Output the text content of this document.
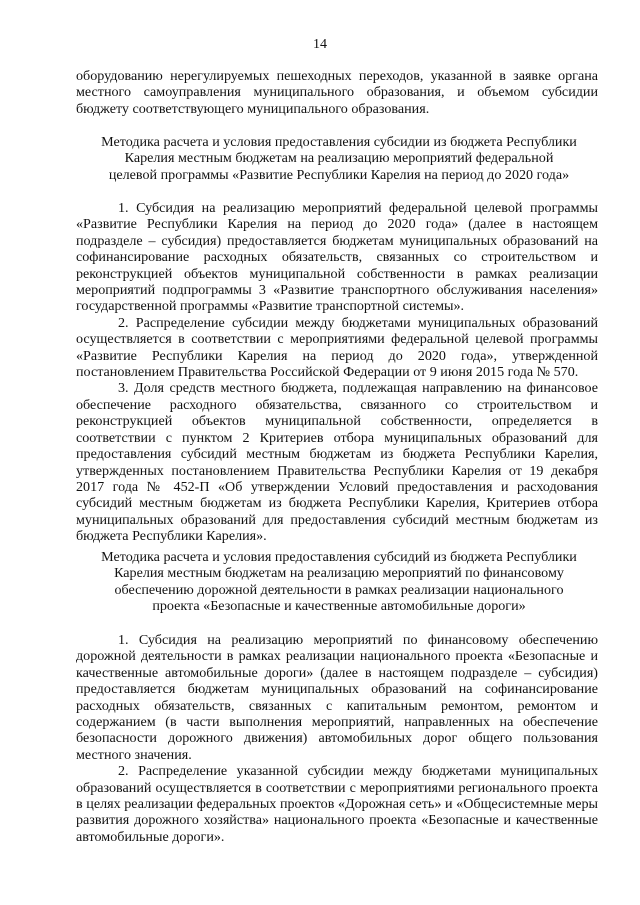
14

оборудованию нерегулируемых пешеходных переходов, указанной в заявке органа местного самоуправления муниципального образования, и объемом субсидии бюджету соответствующего муниципального образования.

Методика расчета и условия предоставления субсидии из бюджета Республики Карелия местным бюджетам на реализацию мероприятий федеральной целевой программы «Развитие Республики Карелия на период до 2020 года»

1. Субсидия на реализацию мероприятий федеральной целевой программы «Развитие Республики Карелия на период до 2020 года» (далее в настоящем подразделе – субсидия) предоставляется бюджетам муниципальных образований на софинансирование расходных обязательств, связанных со строительством и реконструкцией объектов муниципальной собственности в рамках реализации мероприятий подпрограммы 3 «Развитие транспортного обслуживания населения» государственной программы «Развитие транспортной системы».

2. Распределение субсидии между бюджетами муниципальных образований осуществляется в соответствии с мероприятиями федеральной целевой программы «Развитие Республики Карелия на период до 2020 года», утвержденной постановлением Правительства Российской Федерации от 9 июня 2015 года № 570.

3. Доля средств местного бюджета, подлежащая направлению на финансовое обеспечение расходного обязательства, связанного со строительством и реконструкцией объектов муниципальной собственности, определяется в соответствии с пунктом 2 Критериев отбора муниципальных образований для предоставления субсидий местным бюджетам из бюджета Республики Карелия, утвержденных постановлением Правительства Республики Карелия от 19 декабря 2017 года № 452-П «Об утверждении Условий предоставления и расходования субсидий местным бюджетам из бюджета Республики Карелия, Критериев отбора муниципальных образований для предоставления субсидий местным бюджетам из бюджета Республики Карелия».

Методика расчета и условия предоставления субсидий из бюджета Республики Карелия местным бюджетам на реализацию мероприятий по финансовому обеспечению дорожной деятельности в рамках реализации национального проекта «Безопасные и качественные автомобильные дороги»

1. Субсидия на реализацию мероприятий по финансовому обеспечению дорожной деятельности в рамках реализации национального проекта «Безопасные и качественные автомобильные дороги» (далее в настоящем подразделе – субсидия) предоставляется бюджетам муниципальных образований на софинансирование расходных обязательств, связанных с капитальным ремонтом, ремонтом и содержанием (в части выполнения мероприятий, направленных на обеспечение безопасности дорожного движения) автомобильных дорог общего пользования местного значения.

2. Распределение указанной субсидии между бюджетами муниципальных образований осуществляется в соответствии с мероприятиями регионального проекта в целях реализации федеральных проектов «Дорожная сеть» и «Общесистемные меры развития дорожного хозяйства» национального проекта «Безопасные и качественные автомобильные дороги».
